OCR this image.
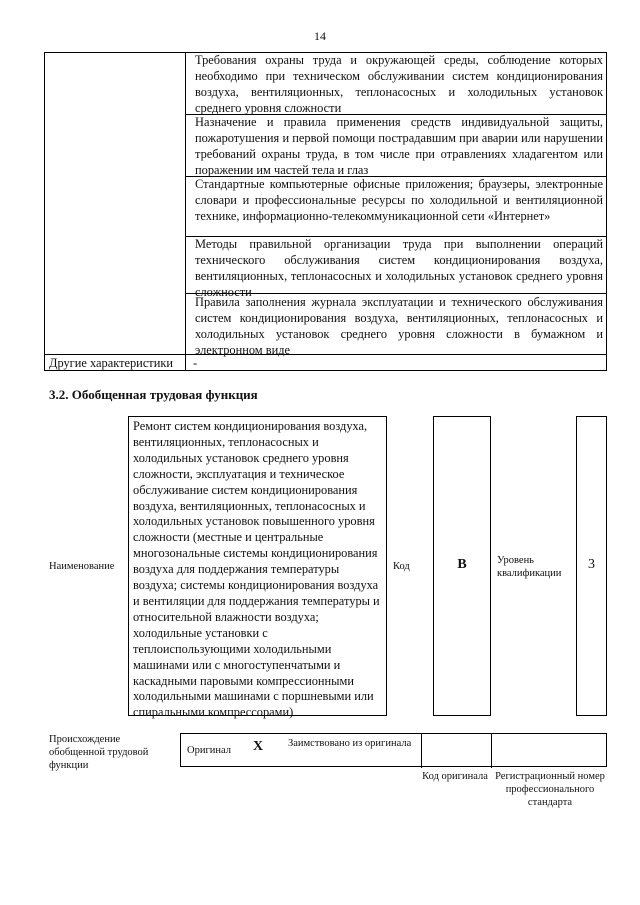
14
Требования охраны труда и окружающей среды, соблюдение которых необходимо при техническом обслуживании систем кондиционирования воздуха, вентиляционных, теплонасосных и холодильных установок среднего уровня сложности
Назначение и правила применения средств индивидуальной защиты, пожаротушения и первой помощи пострадавшим при аварии или нарушении требований охраны труда, в том числе при отравлениях хладагентом или поражении им частей тела и глаз
Стандартные компьютерные офисные приложения; браузеры, электронные словари и профессиональные ресурсы по холодильной и вентиляционной технике, информационно-телекоммуникационной сети «Интернет»
Методы правильной организации труда при выполнении операций технического обслуживания систем кондиционирования воздуха, вентиляционных, теплонасосных и холодильных установок среднего уровня сложности
Правила заполнения журнала эксплуатации и технического обслуживания систем кондиционирования воздуха, вентиляционных, теплонасосных и холодильных установок среднего уровня сложности в бумажном и электронном виде
Другие характеристики -
3.2. Обобщенная трудовая функция
Наименование
Ремонт систем кондиционирования воздуха, вентиляционных, теплонасосных и холодильных установок среднего уровня сложности, эксплуатация и техническое обслуживание систем кондиционирования воздуха, вентиляционных, теплонасосных и холодильных установок повышенного уровня сложности (местные и центральные многозональные системы кондиционирования воздуха для поддержания температуры воздуха; системы кондиционирования воздуха и вентиляции для поддержания температуры и относительной влажности воздуха; холодильные установки с теплоиспользующими холодильными машинами или с многоступенчатыми и каскадными паровыми компрессионными холодильными машинами с поршневыми или спиральными компрессорами)
Код	B	Уровень квалификации
3
Происхождение обобщенной трудовой функции
Оригинал X Заимствовано из оригинала
Код оригинала Регистрационный номер профессионального стандарта
